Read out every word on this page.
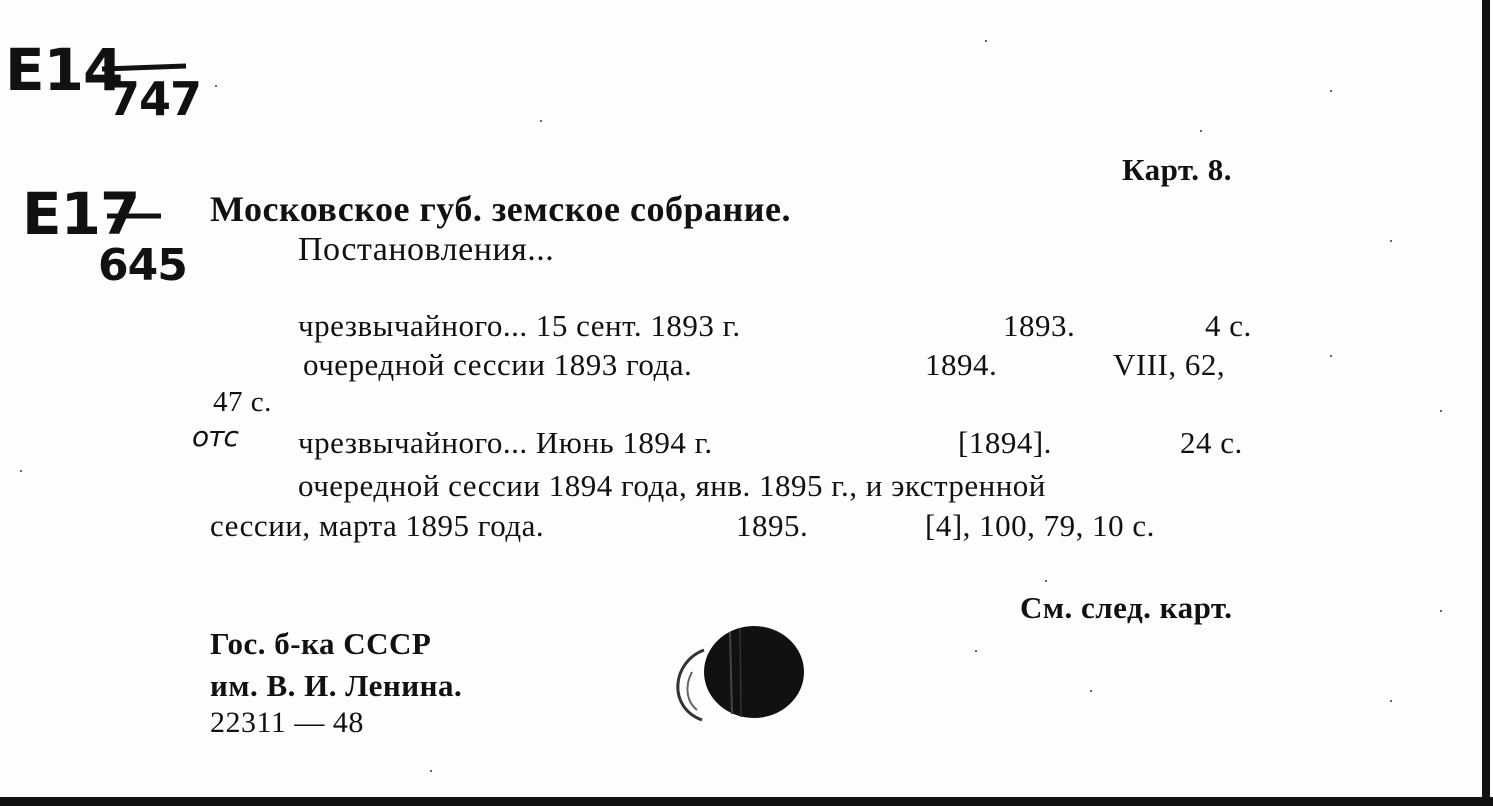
E14
747
E17
645
отс
Карт. 8.
Московское губ. земское собрание.
Постановления...
чрезвычайного... 15 сент. 1893 г.	1893.	4 с.
очередной сессии 1893 года.	1894.	VIII, 62,
47 с.
чрезвычайного... Июнь 1894 г.	[1894].	24 с.
очередной сессии 1894 года, янв. 1895 г., и экстренной
сессии, марта 1895 года.	1895.	[4], 100, 79, 10 с.
См. след. карт.
Гос. б-ка СССР
им. В. И. Ленина.
22311 — 48
